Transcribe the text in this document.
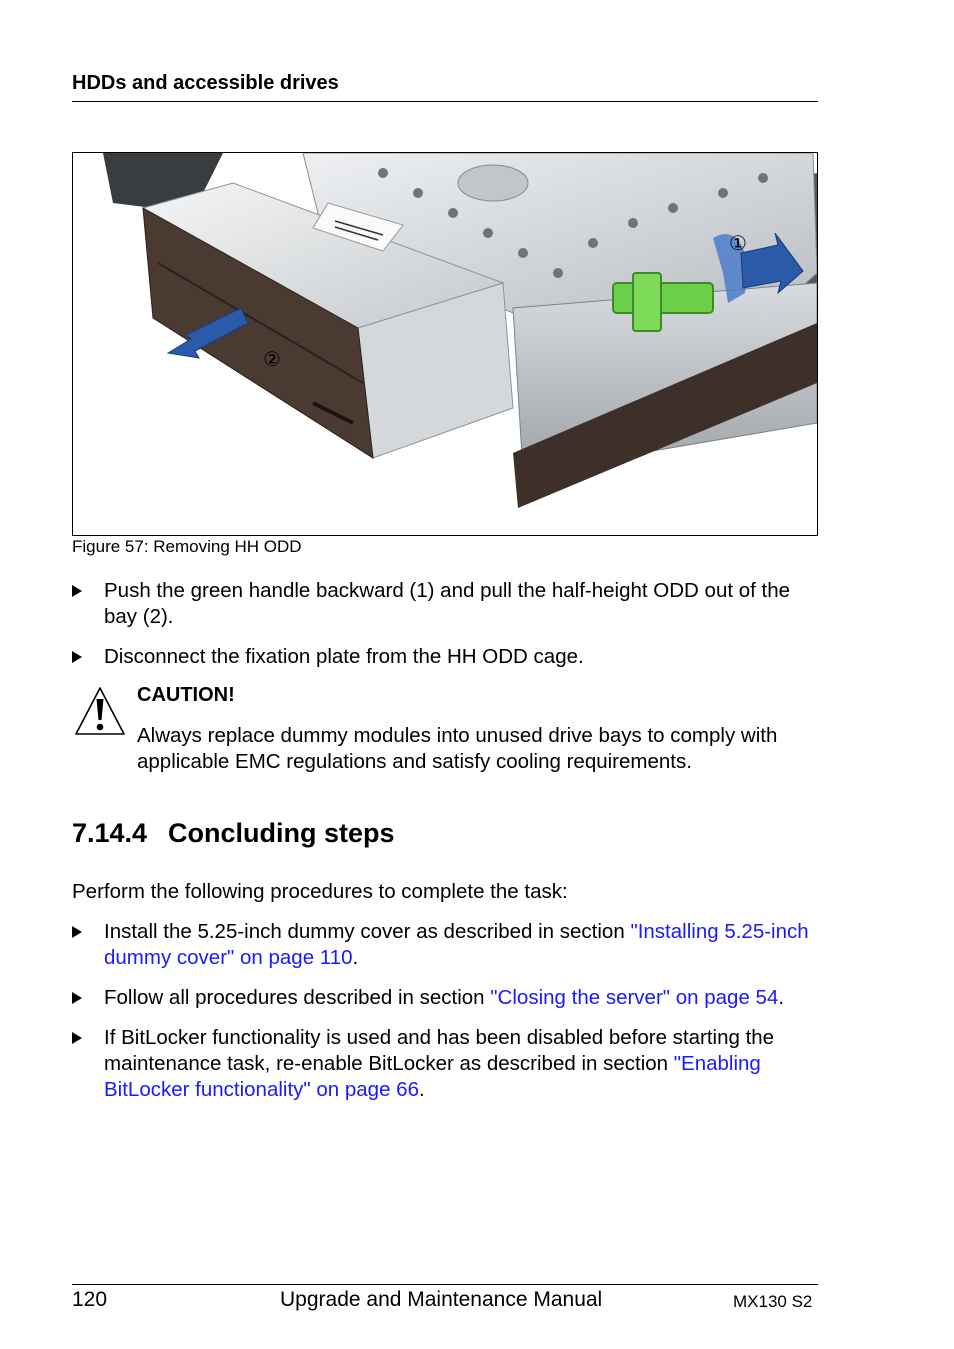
HDDs and accessible drives
①
②
Figure 57: Removing HH ODD
Push the green handle backward (1) and pull the half-height ODD out of the bay (2).
Disconnect the fixation plate from the HH ODD cage.
CAUTION!
Always replace dummy modules into unused drive bays to comply with applicable EMC regulations and satisfy cooling requirements.
7.14.4 Concluding steps
Perform the following procedures to complete the task:
Install the 5.25-inch dummy cover as described in section "Installing 5.25-inch dummy cover" on page 110.
Follow all procedures described in section "Closing the server" on page 54.
If BitLocker functionality is used and has been disabled before starting the maintenance task, re-enable BitLocker as described in section "Enabling BitLocker functionality" on page 66.
120	Upgrade and Maintenance Manual	MX130 S2
